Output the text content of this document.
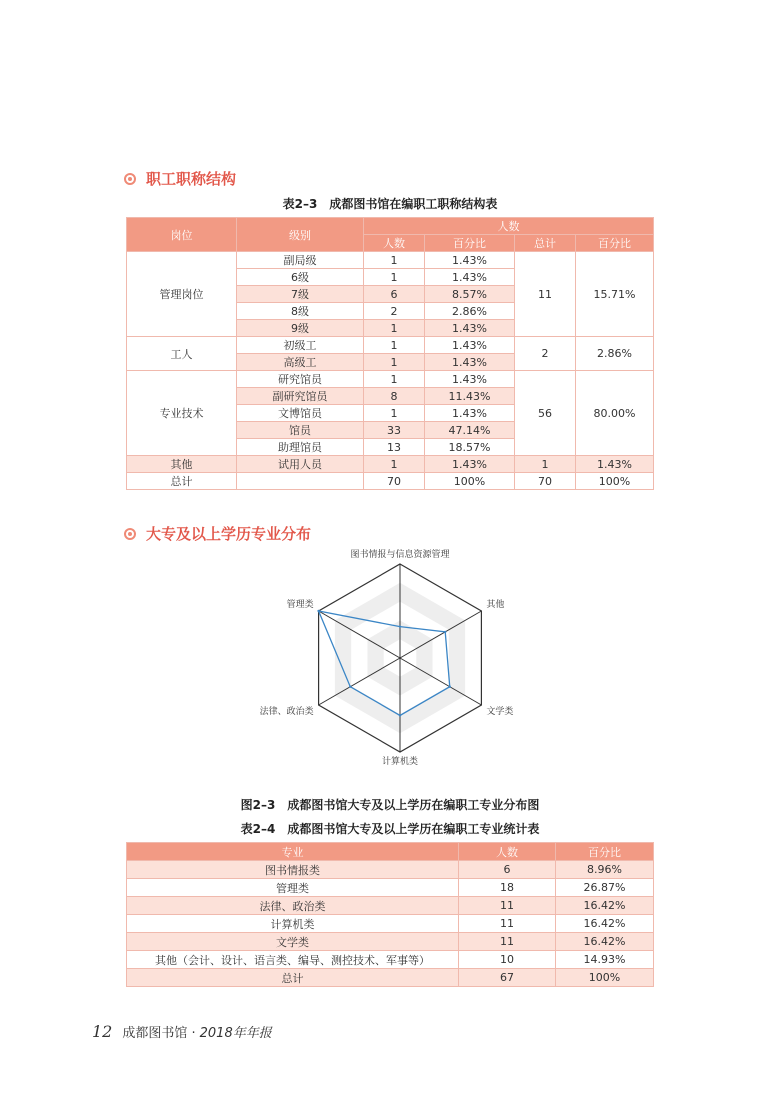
职工职称结构
表2–3　成都图书馆在编职工职称结构表
岗位	级别	人数			
		人数	百分比	总计	百分比
管理岗位	副局级	1	1.43%	11	15.71%
	6级	1	1.43%		
	7级	6	8.57%		
	8级	2	2.86%		
	9级	1	1.43%		
工人	初级工	1	1.43%	2	2.86%
	高级工	1	1.43%		
专业技术	研究馆员	1	1.43%	56	80.00%
	副研究馆员	8	11.43%		
	文博馆员	1	1.43%		
	馆员	33	47.14%		
	助理馆员	13	18.57%		
其他	试用人员	1	1.43%	1	1.43%
总计		70	100%	70	100%
大专及以上学历专业分布
图书情报与信息资源管理
其他
文学类
计算机类
法律、政治类
管理类
图2–3　成都图书馆大专及以上学历在编职工专业分布图
表2–4　成都图书馆大专及以上学历在编职工专业统计表
专业	人数	百分比
图书情报类	6	8.96%
管理类	18	26.87%
法律、政治类	11	16.42%
计算机类	11	16.42%
文学类	11	16.42%
其他（会计、设计、语言类、编导、测控技术、军事等）	10	14.93%
总计	67	100%
12 成都图书馆 · 2018年年报
